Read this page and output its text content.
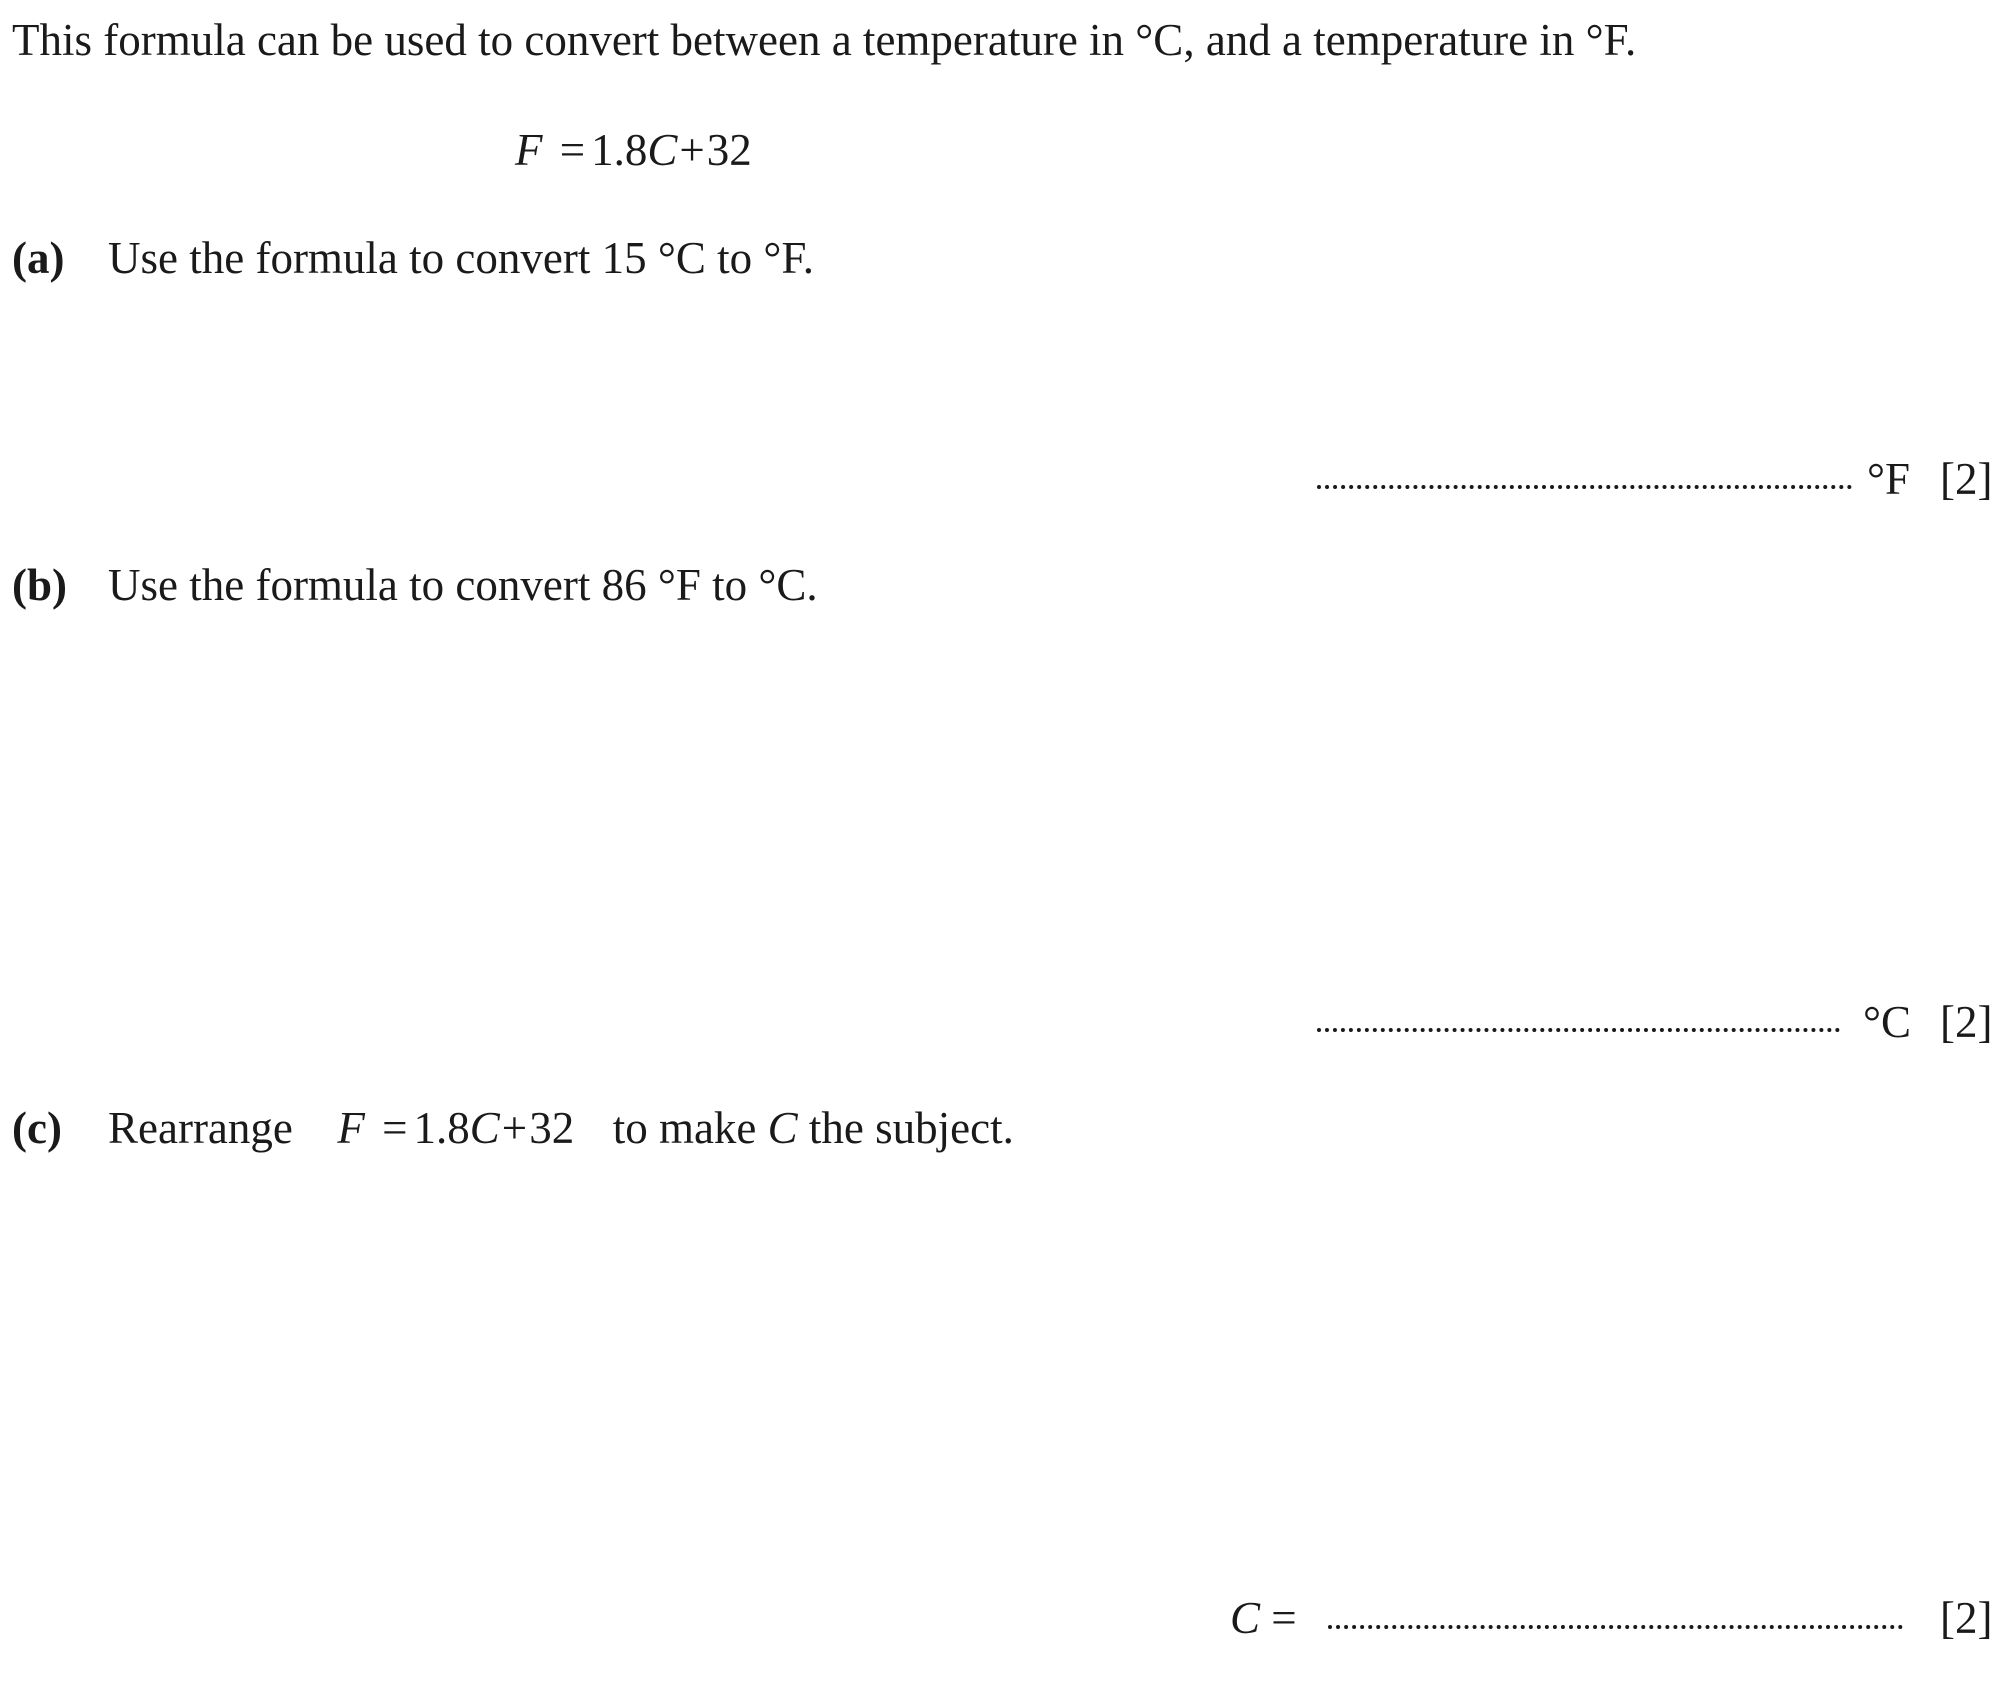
This formula can be used to convert between a temperature in °C, and a temperature in °F.
F = 1.8C+32
(a) Use the formula to convert 15 °C to °F.
°F [2]
(b) Use the formula to convert 86 °F to °C.
°C [2]
(c) Rearrange F = 1.8C+32 to make C the subject.
C =	[2]
